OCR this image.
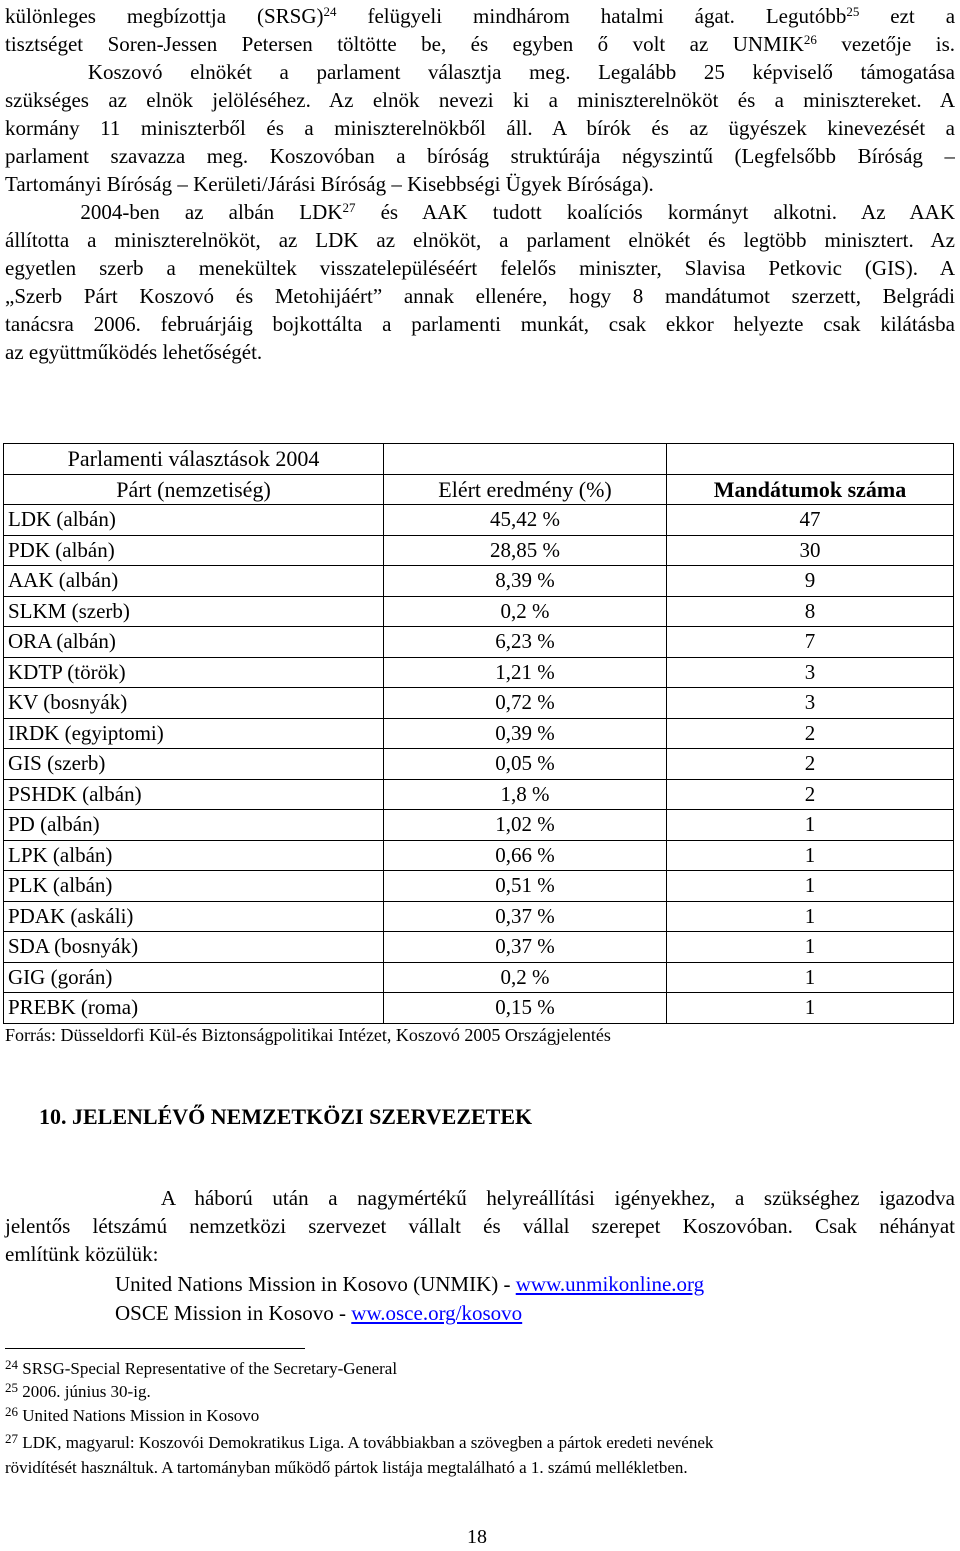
különleges megbízottja (SRSG)$^{24}$ felügyeli mindhárom hatalmi ágat. Legutóbb$^{25}$ ezt a
tisztséget Soren-Jessen Petersen töltötte be, és egyben ő volt az UNMIK$^{26}$ vezetője is.
Koszovó elnökét a parlament választja meg. Legalább 25 képviselő támogatása
szükséges az elnök jelöléséhez. Az elnök nevezi ki a miniszterelnököt és a minisztereket. A
kormány 11 miniszterből és a miniszterelnökből áll. A bírók és az ügyészek kinevezését a
parlament szavazza meg. Koszovóban a bíróság struktúrája négyszintű (Legfelsőbb Bíróság –
Tartományi Bíróság – Kerületi/Járási Bíróság – Kisebbségi Ügyek Bírósága).
2004-ben az albán LDK$^{27}$ és AAK tudott koalíciós kormányt alkotni. Az AAK
állította a miniszterelnököt, az LDK az elnököt, a parlament elnökét és legtöbb minisztert. Az
egyetlen szerb a menekültek visszatelepüléséért felelős miniszter, Slavisa Petkovic (GIS). A
„Szerb Párt Koszovó és Metohijáért” annak ellenére, hogy 8 mandátumot szerzett, Belgrádi
tanácsra 2006. februárjáig bojkottálta a parlamenti munkát, csak ekkor helyezte csak kilátásba
az együttműködés lehetőségét.
Parlamenti választások 2004		
Párt (nemzetiség)	Elért eredmény (%)	Mandátumok száma
LDK (albán)	45,42 %	47
PDK (albán)	28,85 %	30
AAK (albán)	8,39 %	9
SLKM (szerb)	0,2 %	8
ORA (albán)	6,23 %	7
KDTP (török)	1,21 %	3
KV (bosnyák)	0,72 %	3
IRDK (egyiptomi)	0,39 %	2
GIS (szerb)	0,05 %	2
PSHDK (albán)	1,8 %	2
PD (albán)	1,02 %	1
LPK (albán)	0,66 %	1
PLK (albán)	0,51 %	1
PDAK (askáli)	0,37 %	1
SDA (bosnyák)	0,37 %	1
GIG (gorán)	0,2 %	1
PREBK (roma)	0,15 %	1
Forrás: Düsseldorfi Kül-és Biztonságpolitikai Intézet, Koszovó 2005 Országjelentés
10. JELENLÉVŐ NEMZETKÖZI SZERVEZETEK
A háború után a nagymértékű helyreállítási igényekhez, a szükséghez igazodva
jelentős létszámú nemzetközi szervezet vállalt és vállal szerepet Koszovóban. Csak néhányat
említünk közülük:
United Nations Mission in Kosovo (UNMIK) - www.unmikonline.org
OSCE Mission in Kosovo - ww.osce.org/kosovo
$^{24}$ SRSG-Special Representative of the Secretary-General
$^{25}$ 2006. június 30-ig.
$^{26}$ United Nations Mission in Kosovo
$^{27}$ LDK, magyarul: Koszovói Demokratikus Liga. A továbbiakban a szövegben a pártok eredeti nevének
rövidítését használtuk. A tartományban működő pártok listája megtalálható a 1. számú mellékletben.
18
